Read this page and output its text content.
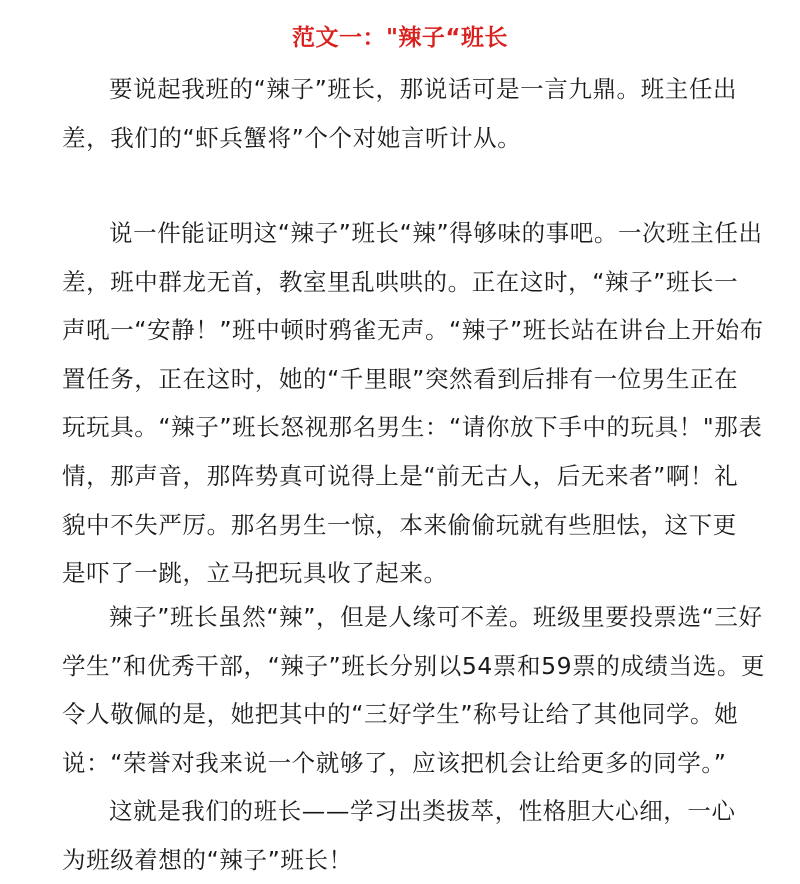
范文一："辣子“班长

要说起我班的“辣子”班长，那说话可是一言九鼎。班主任出
差，我们的“虾兵蟹将”个个对她言听计从。

说一件能证明这“辣子”班长“辣”得够味的事吧。一次班主任出
差，班中群龙无首，教室里乱哄哄的。正在这时，“辣子”班长一
声吼一“安静！”班中顿时鸦雀无声。“辣子”班长站在讲台上开始布
置任务，正在这时，她的“千里眼”突然看到后排有一位男生正在
玩玩具。“辣子”班长怒视那名男生：“请你放下手中的玩具！"那表
情，那声音，那阵势真可说得上是“前无古人，后无来者”啊！礼
貌中不失严厉。那名男生一惊，本来偷偷玩就有些胆怯，这下更
是吓了一跳，立马把玩具收了起来。

辣子”班长虽然“辣”，但是人缘可不差。班级里要投票选“三好
学生”和优秀干部，“辣子”班长分别以54票和59票的成绩当选。更
令人敬佩的是，她把其中的“三好学生”称号让给了其他同学。她
说：“荣誉对我来说一个就够了，应该把机会让给更多的同学。”

这就是我们的班长——学习出类拔萃，性格胆大心细，一心
为班级着想的“辣子”班长！
